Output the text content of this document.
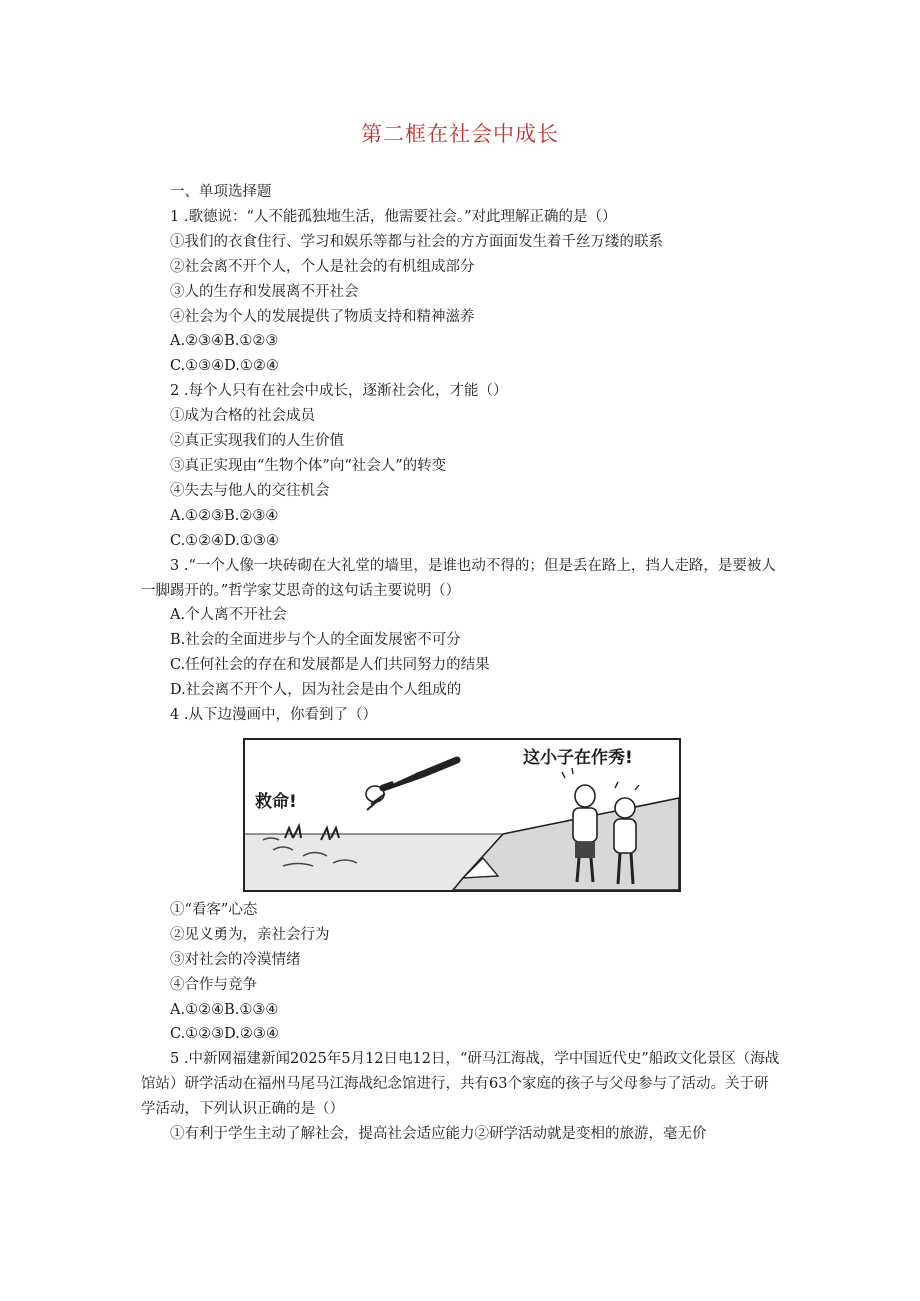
第二框在社会中成长

一、单项选择题

1 .歌德说：“人不能孤独地生活，他需要社会。”对此理解正确的是（）

①我们的衣食住行、学习和娱乐等都与社会的方方面面发生着千丝万缕的联系

②社会离不开个人，个人是社会的有机组成部分

③人的生存和发展离不开社会

④社会为个人的发展提供了物质支持和精神滋养

A.②③④B.①②③

C.①③④D.①②④

2 .每个人只有在社会中成长，逐渐社会化，才能（）

①成为合格的社会成员

②真正实现我们的人生价值

③真正实现由“生物个体”向“社会人”的转变

④失去与他人的交往机会

A.①②③B.②③④

C.①②④D.①③④

3 .“一个人像一块砖砌在大礼堂的墙里，是谁也动不得的；但是丢在路上，挡人走路，是要被人一脚踢开的。”哲学家艾思奇的这句话主要说明（）

A.个人离不开社会

B.社会的全面进步与个人的全面发展密不可分

C.任何社会的存在和发展都是人们共同努力的结果

D.社会离不开个人，因为社会是由个人组成的

4 .从下边漫画中，你看到了（）

救命!
这小子在作秀!

①“看客”心态

②见义勇为，亲社会行为

③对社会的冷漠情绪

④合作与竞争

A.①②④B.①③④

C.①②③D.②③④

5 .中新网福建新闻2025年5月12日电12日，“研马江海战，学中国近代史”船政文化景区（海战馆站）研学活动在福州马尾马江海战纪念馆进行，共有63个家庭的孩子与父母参与了活动。关于研学活动，下列认识正确的是（）

①有利于学生主动了解社会，提高社会适应能力②研学活动就是变相的旅游，毫无价
